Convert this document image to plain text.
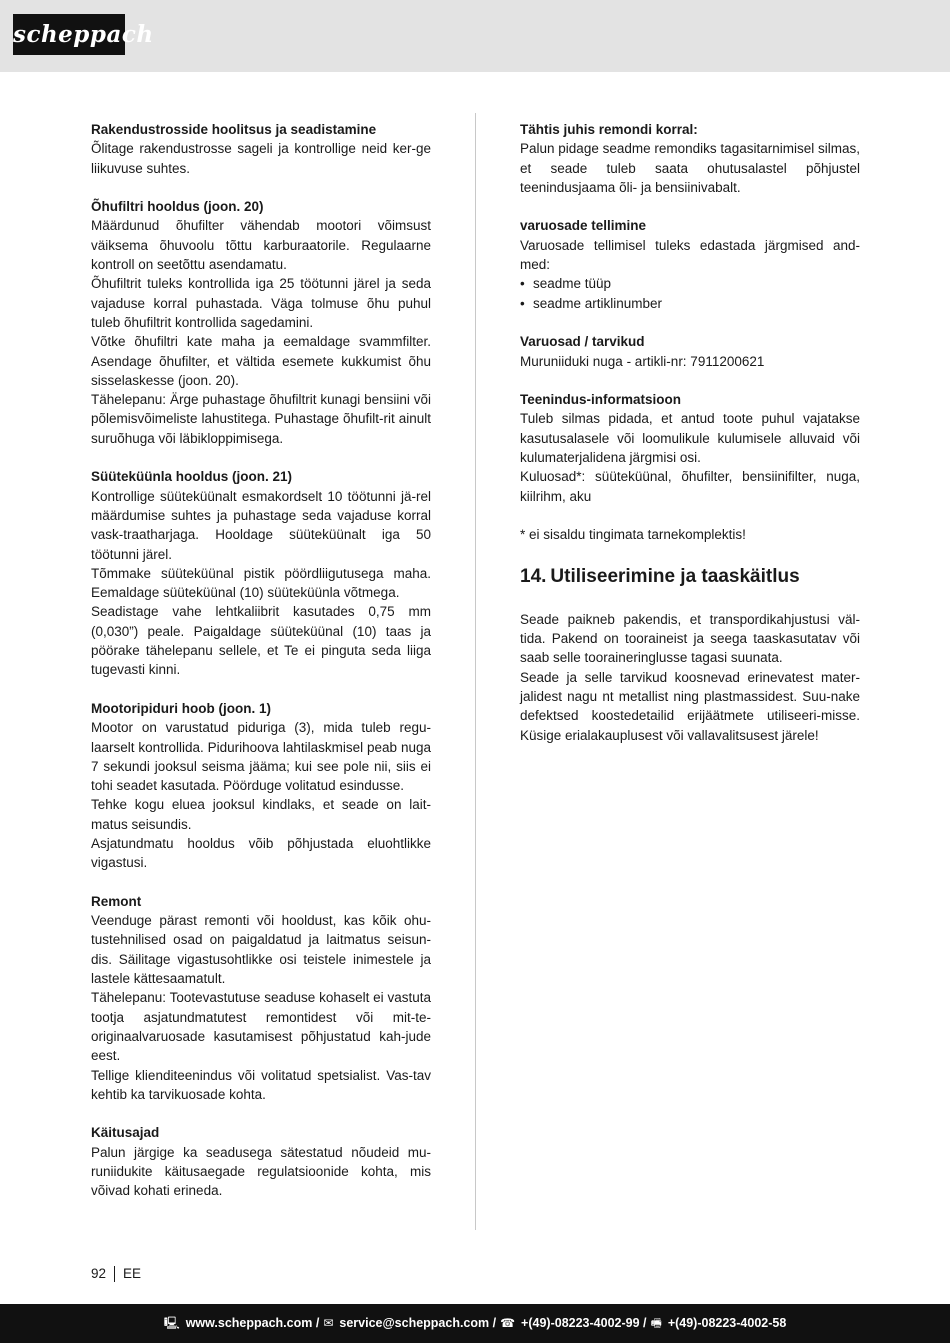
scheppach
Rakendustrosside hoolitsus ja seadistamine

Õlitage rakendustrosse sageli ja kontrollige neid ker-ge liikuvuse suhtes.

Õhufiltri hooldus (joon. 20)

Määrdunud õhufilter vähendab mootori võimsust väiksema õhuvoolu tõttu karburaatorile. Regulaarne kontroll on seetõttu asendamatu.

Õhufiltrit tuleks kontrollida iga 25 töötunni järel ja seda vajaduse korral puhastada. Väga tolmuse õhu puhul tuleb õhufiltrit kontrollida sagedamini.

Võtke õhufiltri kate maha ja eemaldage svammfilter. Asendage õhufilter, et vältida esemete kukkumist õhu sisselaskesse (joon. 20).

Tähelepanu: Ärge puhastage õhufiltrit kunagi bensiini või põlemisvõimeliste lahustitega. Puhastage õhufilt-rit ainult suruõhuga või läbikloppimisega.

Süüteküünla hooldus (joon. 21)

Kontrollige süüteküünalt esmakordselt 10 töötunni jä-rel määrdumise suhtes ja puhastage seda vajaduse korral vask-traatharjaga. Hooldage süüteküünalt iga 50 töötunni järel.

Tõmmake süüteküünal pistik pöördliigutusega maha. Eemaldage süüteküünal (10) süüteküünla võtmega.

Seadistage vahe lehtkaliibrit kasutades 0,75 mm (0,030”) peale. Paigaldage süüteküünal (10) taas ja pöörake tähelepanu sellele, et Te ei pinguta seda liiga tugevasti kinni.

Mootoripiduri hoob (joon. 1)

Mootor on varustatud piduriga (3), mida tuleb regu-laarselt kontrollida. Pidurihoova lahtilaskmisel peab nuga 7 sekundi jooksul seisma jääma; kui see pole nii, siis ei tohi seadet kasutada. Pöörduge volitatud esindusse.

Tehke kogu eluea jooksul kindlaks, et seade on lait-matus seisundis.

Asjatundmatu hooldus võib põhjustada eluohtlikke vigastusi.

Remont

Veenduge pärast remonti või hooldust, kas kõik ohu-tustehnilised osad on paigaldatud ja laitmatus seisun-dis. Säilitage vigastusohtlikke osi teistele inimestele ja lastele kättesaamatult.

Tähelepanu: Tootevastutuse seaduse kohaselt ei vastuta tootja asjatundmatutest remontidest või mit-te-originaalvaruosade kasutamisest põhjustatud kah-jude eest.

Tellige klienditeenindus või volitatud spetsialist. Vas-tav kehtib ka tarvikuosade kohta.

Käitusajad

Palun järgige ka seadusega sätestatud nõudeid mu-runiidukite käitusaegade regulatsioonide kohta, mis võivad kohati erineda.

Tähtis juhis remondi korral:

Palun pidage seadme remondiks tagasitarnimisel silmas, et seade tuleb saata ohutusalastel põhjustel teenindusjaama õli- ja bensiinivabalt.

varuosade tellimine

Varuosade tellimisel tuleks edastada järgmised and-med:

• seadme tüüp
• seadme artiklinumber
Varuosad / tarvikud

Muruniiduki nuga - artikli-nr: 7911200621

Teenindus-informatsioon

Tuleb silmas pidada, et antud toote puhul vajatakse kasutusalasele või loomulikule kulumisele alluvaid või kulumaterjalidena järgmisi osi.

Kuluosad*: süüteküünal, õhufilter, bensiinifilter, nuga, kiilrihm, aku

* ei sisaldu tingimata tarnekomplektis!

14. Utiliseerimine ja taaskäitlus

Seade paikneb pakendis, et transpordikahjustusi väl-tida. Pakend on tooraineist ja seega taaskasutatav või saab selle tooraineringlusse tagasi suunata.

Seade ja selle tarvikud koosnevad erinevatest mater-jalidest nagu nt metallist ning plastmassidest. Suu-nake defektsed koostedetailid erijäätmete utiliseeri-misse. Küsige erialakauplusest või vallavalitsusest järele!

92 EE
🖳 www.scheppach.com / ✉ service@scheppach.com / ☎ +(49)-08223-4002-99 / 🖷 +(49)-08223-4002-58
